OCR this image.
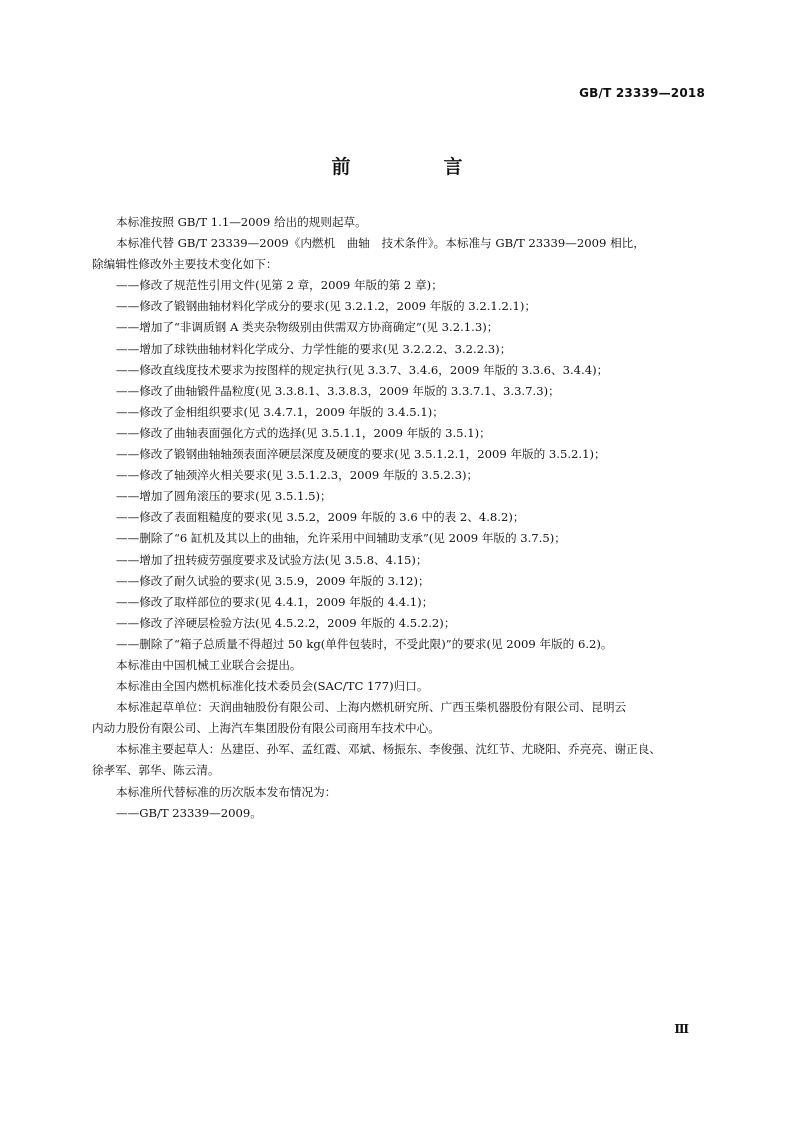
GB/T 23339—2018
前　言
本标准按照 GB/T 1.1—2009 给出的规则起草。
本标准代替 GB/T 23339—2009《内燃机　曲轴　技术条件》。本标准与 GB/T 23339—2009 相比，
除编辑性修改外主要技术变化如下：
——修改了规范性引用文件(见第 2 章，2009 年版的第 2 章)；
——修改了锻钢曲轴材料化学成分的要求(见 3.2.1.2，2009 年版的 3.2.1.2.1)；
——增加了“非调质钢 A 类夹杂物级别由供需双方协商确定”(见 3.2.1.3)；
——增加了球铁曲轴材料化学成分、力学性能的要求(见 3.2.2.2、3.2.2.3)；
——修改直线度技术要求为按图样的规定执行(见 3.3.7、3.4.6，2009 年版的 3.3.6、3.4.4)；
——修改了曲轴锻件晶粒度(见 3.3.8.1、3.3.8.3，2009 年版的 3.3.7.1、3.3.7.3)；
——修改了金相组织要求(见 3.4.7.1，2009 年版的 3.4.5.1)；
——修改了曲轴表面强化方式的选择(见 3.5.1.1，2009 年版的 3.5.1)；
——修改了锻钢曲轴轴颈表面淬硬层深度及硬度的要求(见 3.5.1.2.1，2009 年版的 3.5.2.1)；
——修改了轴颈淬火相关要求(见 3.5.1.2.3，2009 年版的 3.5.2.3)；
——增加了圆角滚压的要求(见 3.5.1.5)；
——修改了表面粗糙度的要求(见 3.5.2，2009 年版的 3.6 中的表 2、4.8.2)；
——删除了“6 缸机及其以上的曲轴，允许采用中间辅助支承”(见 2009 年版的 3.7.5)；
——增加了扭转疲劳强度要求及试验方法(见 3.5.8、4.15)；
——修改了耐久试验的要求(见 3.5.9，2009 年版的 3.12)；
——修改了取样部位的要求(见 4.4.1，2009 年版的 4.4.1)；
——修改了淬硬层检验方法(见 4.5.2.2，2009 年版的 4.5.2.2)；
——删除了“箱子总质量不得超过 50 kg(单件包装时，不受此限)”的要求(见 2009 年版的 6.2)。
本标准由中国机械工业联合会提出。
本标准由全国内燃机标准化技术委员会(SAC/TC 177)归口。
本标准起草单位：天润曲轴股份有限公司、上海内燃机研究所、广西玉柴机器股份有限公司、昆明云
内动力股份有限公司、上海汽车集团股份有限公司商用车技术中心。
本标准主要起草人：丛建臣、孙军、孟红霞、邓斌、杨振东、李俊强、沈红节、尤晓阳、乔亮亮、谢正良、
徐孝军、郭华、陈云清。
本标准所代替标准的历次版本发布情况为：
——GB/T 23339—2009。
Ⅲ
